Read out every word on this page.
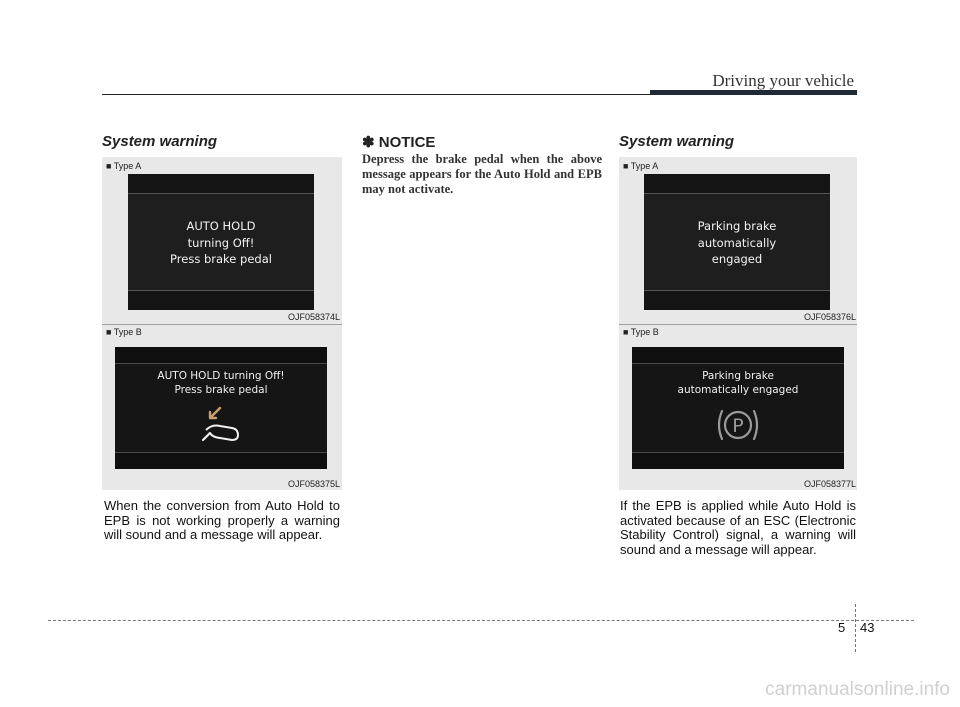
Driving your vehicle
System warning
■ Type A
AUTO HOLD
turning Off!
Press brake pedal
OJF058374L
■ Type B
AUTO HOLD turning Off!
Press brake pedal
OJF058375L
When the conversion from Auto Hold to EPB is not working properly a warning will sound and a message will appear.
✽ NOTICE
Depress the brake pedal when the above message appears for the Auto Hold and EPB may not activate.
System warning
■ Type A
Parking brake
automatically
engaged
OJF058376L
■ Type B
Parking brake
automatically engaged
P
OJF058377L
If the EPB is applied while Auto Hold is activated because of an ESC (Electronic Stability Control) signal, a warning will sound and a message will appear.
5 43
carmanualsonline.info
